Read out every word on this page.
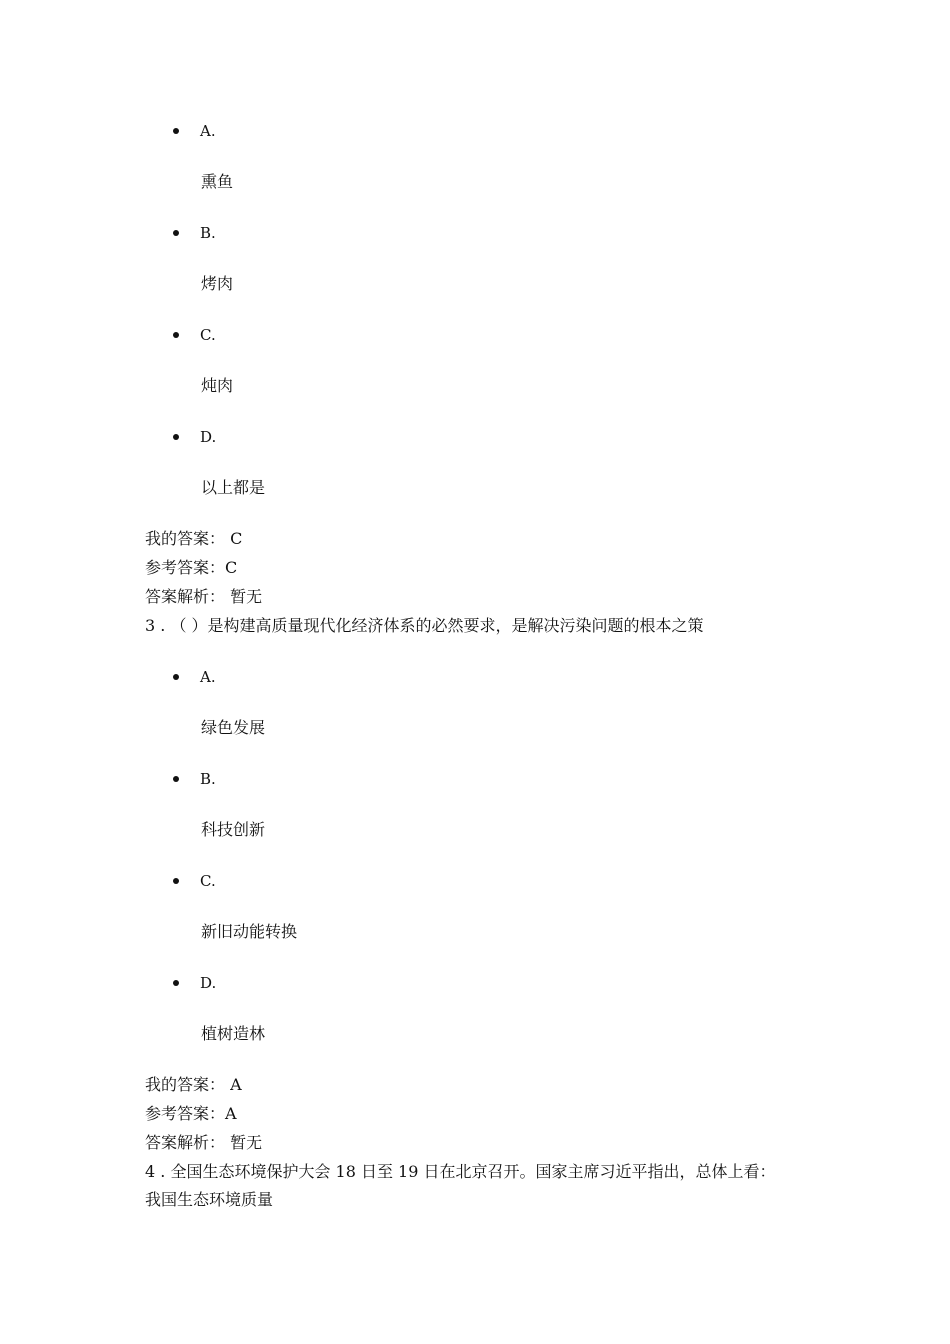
A.
熏鱼
B.
烤肉
C.
炖肉
D.
以上都是
我的答案： C
参考答案：C
答案解析： 暂无
3 . （ ）是构建高质量现代化经济体系的必然要求，是解决污染问题的根本之策
A.
绿色发展
B.
科技创新
C.
新旧动能转换
D.
植树造林
我的答案： A
参考答案：A
答案解析： 暂无
4 . 全国生态环境保护大会 18 日至 19 日在北京召开。国家主席习近平指出，总体上看：
我国生态环境质量
